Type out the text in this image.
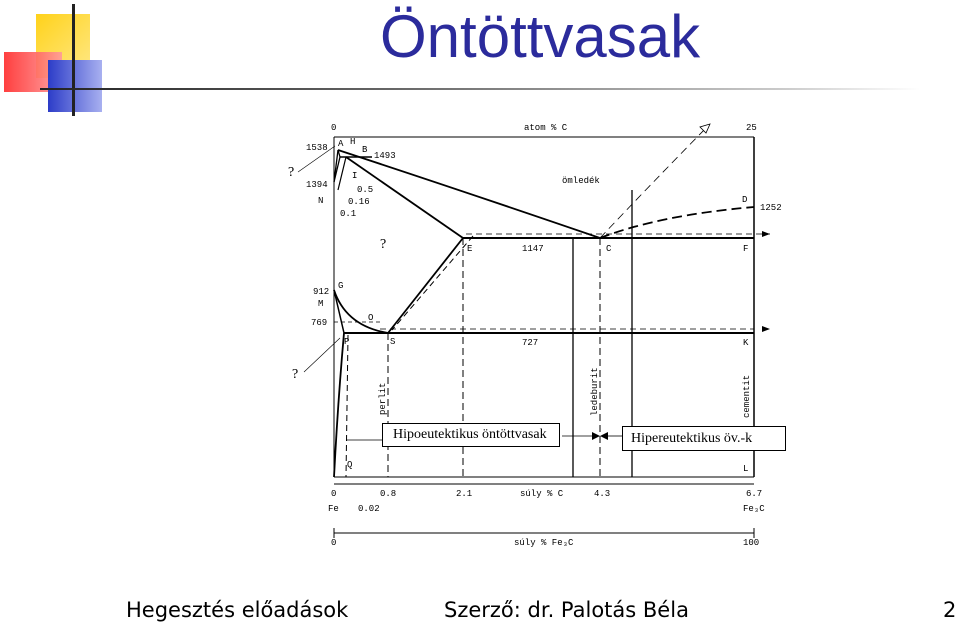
Öntöttvasak
0	atom % C	25
1538
1394
N
912
M
769
A H
B
1493
I
0.5
0.16
0.1
E	1147	C	F
D
1252
G
O
P	S	727	K
Q	L
ömledék
perlit	ledeburit	cementit
?
?
?
0	0.8	2.1	súly % C	4.3	6.7
Fe 0.02	Fe₃C
0	súly % Fe₃C	100
Hipoeutektikus öntöttvasak	Hipereutektikus öv.-k
Hegesztés előadások	Szerző: dr. Palotás Béla	2
